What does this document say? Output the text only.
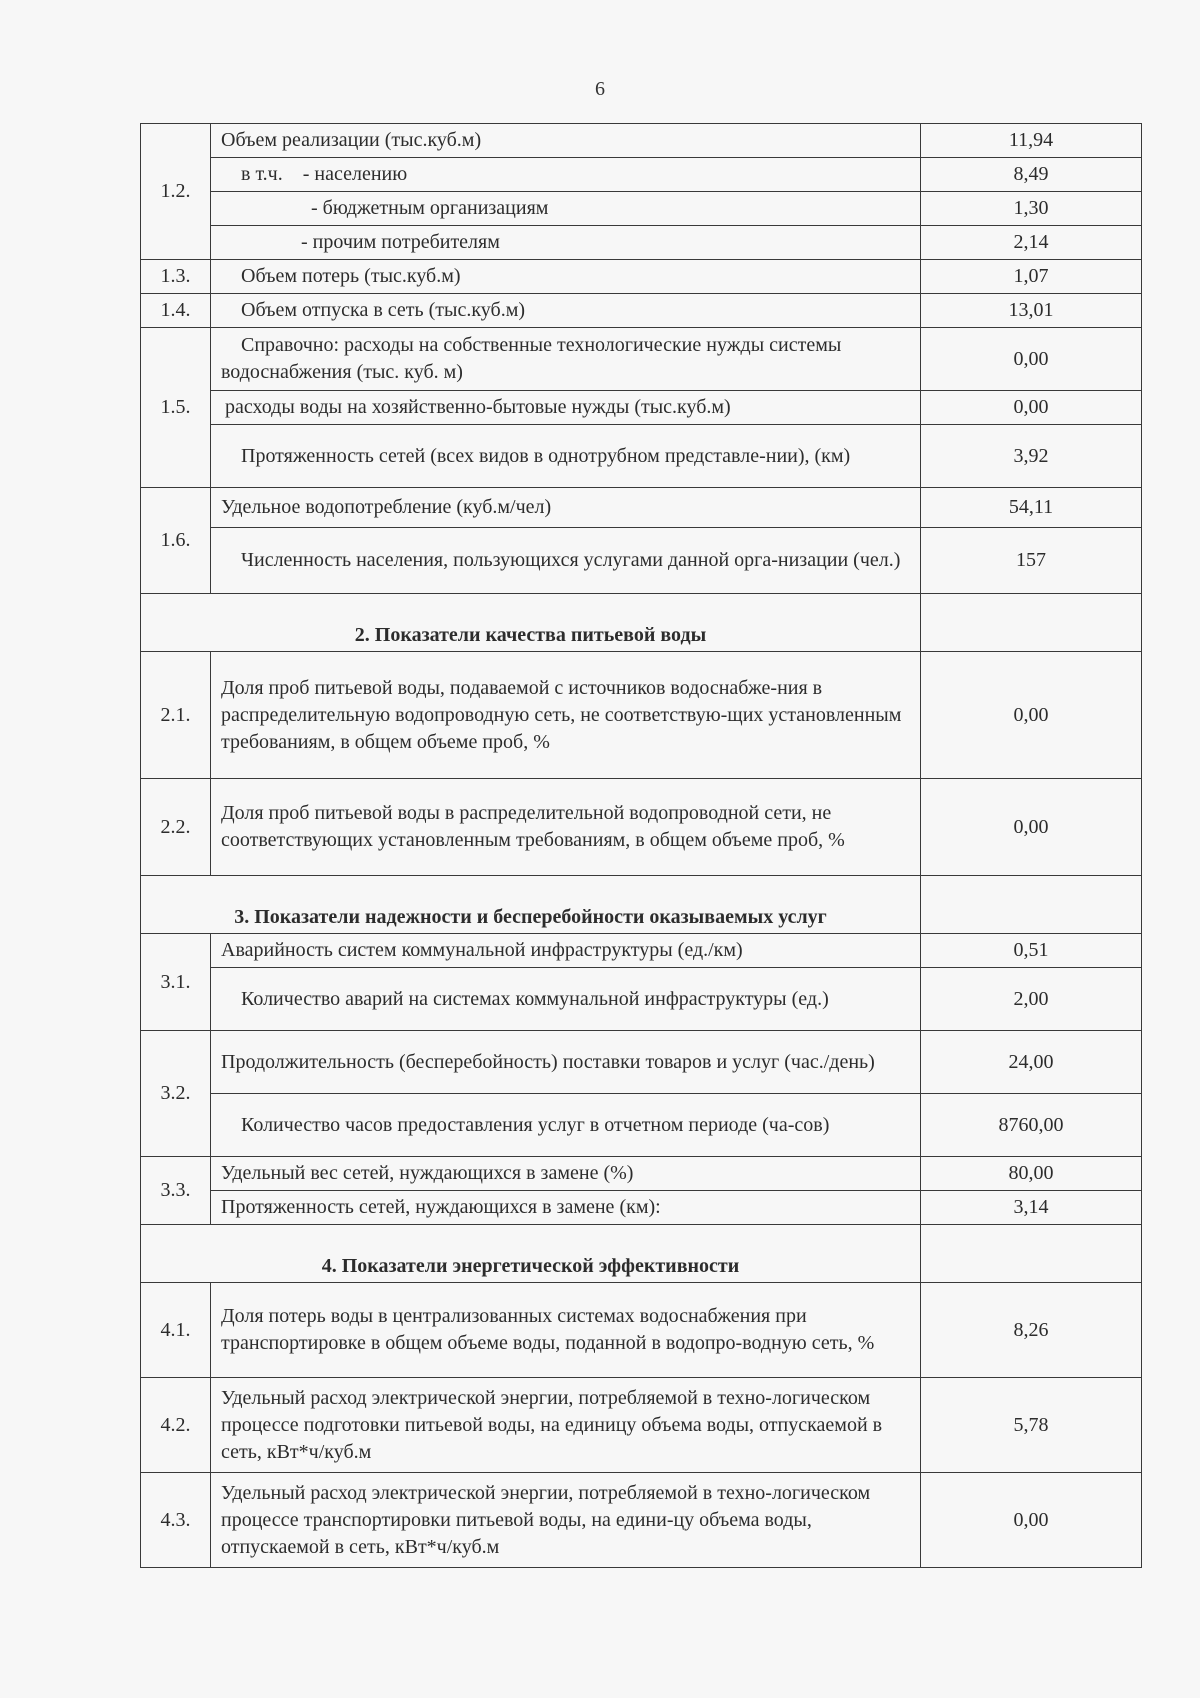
6
1.2.	Объем реализации (тыс.куб.м)	11,94
	в т.ч.    - населению	8,49
	- бюджетным организациям	1,30
	- прочим потребителям	2,14
1.3.	Объем потерь (тыс.куб.м)	1,07
1.4.	Объем отпуска в сеть (тыс.куб.м)	13,01
1.5.	Справочно: расходы на собственные технологические нужды системы водоснабжения (тыс. куб. м)	0,00
	расходы воды на хозяйственно-бытовые нужды (тыс.куб.м)	0,00
	Протяженность сетей (всех видов в однотрубном представле-нии), (км)	3,92
1.6.	Удельное водопотребление (куб.м/чел)	54,11
	Численность населения, пользующихся услугами данной орга-низации (чел.)	157
2. Показатели качества питьевой воды		
2.1.	Доля проб питьевой воды, подаваемой с источников водоснабже-ния в распределительную водопроводную сеть, не соответствую-щих установленным требованиям, в общем объеме проб, %	0,00
2.2.	Доля проб питьевой воды в распределительной водопроводной сети, не соответствующих установленным требованиям, в общем объеме проб, %	0,00
3. Показатели надежности и бесперебойности оказываемых услуг		
3.1.	Аварийность систем коммунальной инфраструктуры (ед./км)	0,51
	Количество аварий на системах коммунальной инфраструктуры (ед.)	2,00
3.2.	Продолжительность (бесперебойность) поставки товаров и услуг (час./день)	24,00
	Количество часов предоставления услуг в отчетном периоде (ча-сов)	8760,00
3.3.	Удельный вес сетей, нуждающихся в замене (%)	80,00
	Протяженность сетей, нуждающихся в замене (км):	3,14
4. Показатели энергетической эффективности		
4.1.	Доля потерь воды в централизованных системах водоснабжения при транспортировке в общем объеме воды, поданной в водопро-водную сеть, %	8,26
4.2.	Удельный расход электрической энергии, потребляемой в техно-логическом процессе подготовки питьевой воды, на единицу объема воды, отпускаемой в сеть, кВт*ч/куб.м	5,78
4.3.	Удельный расход электрической энергии, потребляемой в техно-логическом процессе транспортировки питьевой воды, на едини-цу объема воды, отпускаемой в сеть, кВт*ч/куб.м	0,00
